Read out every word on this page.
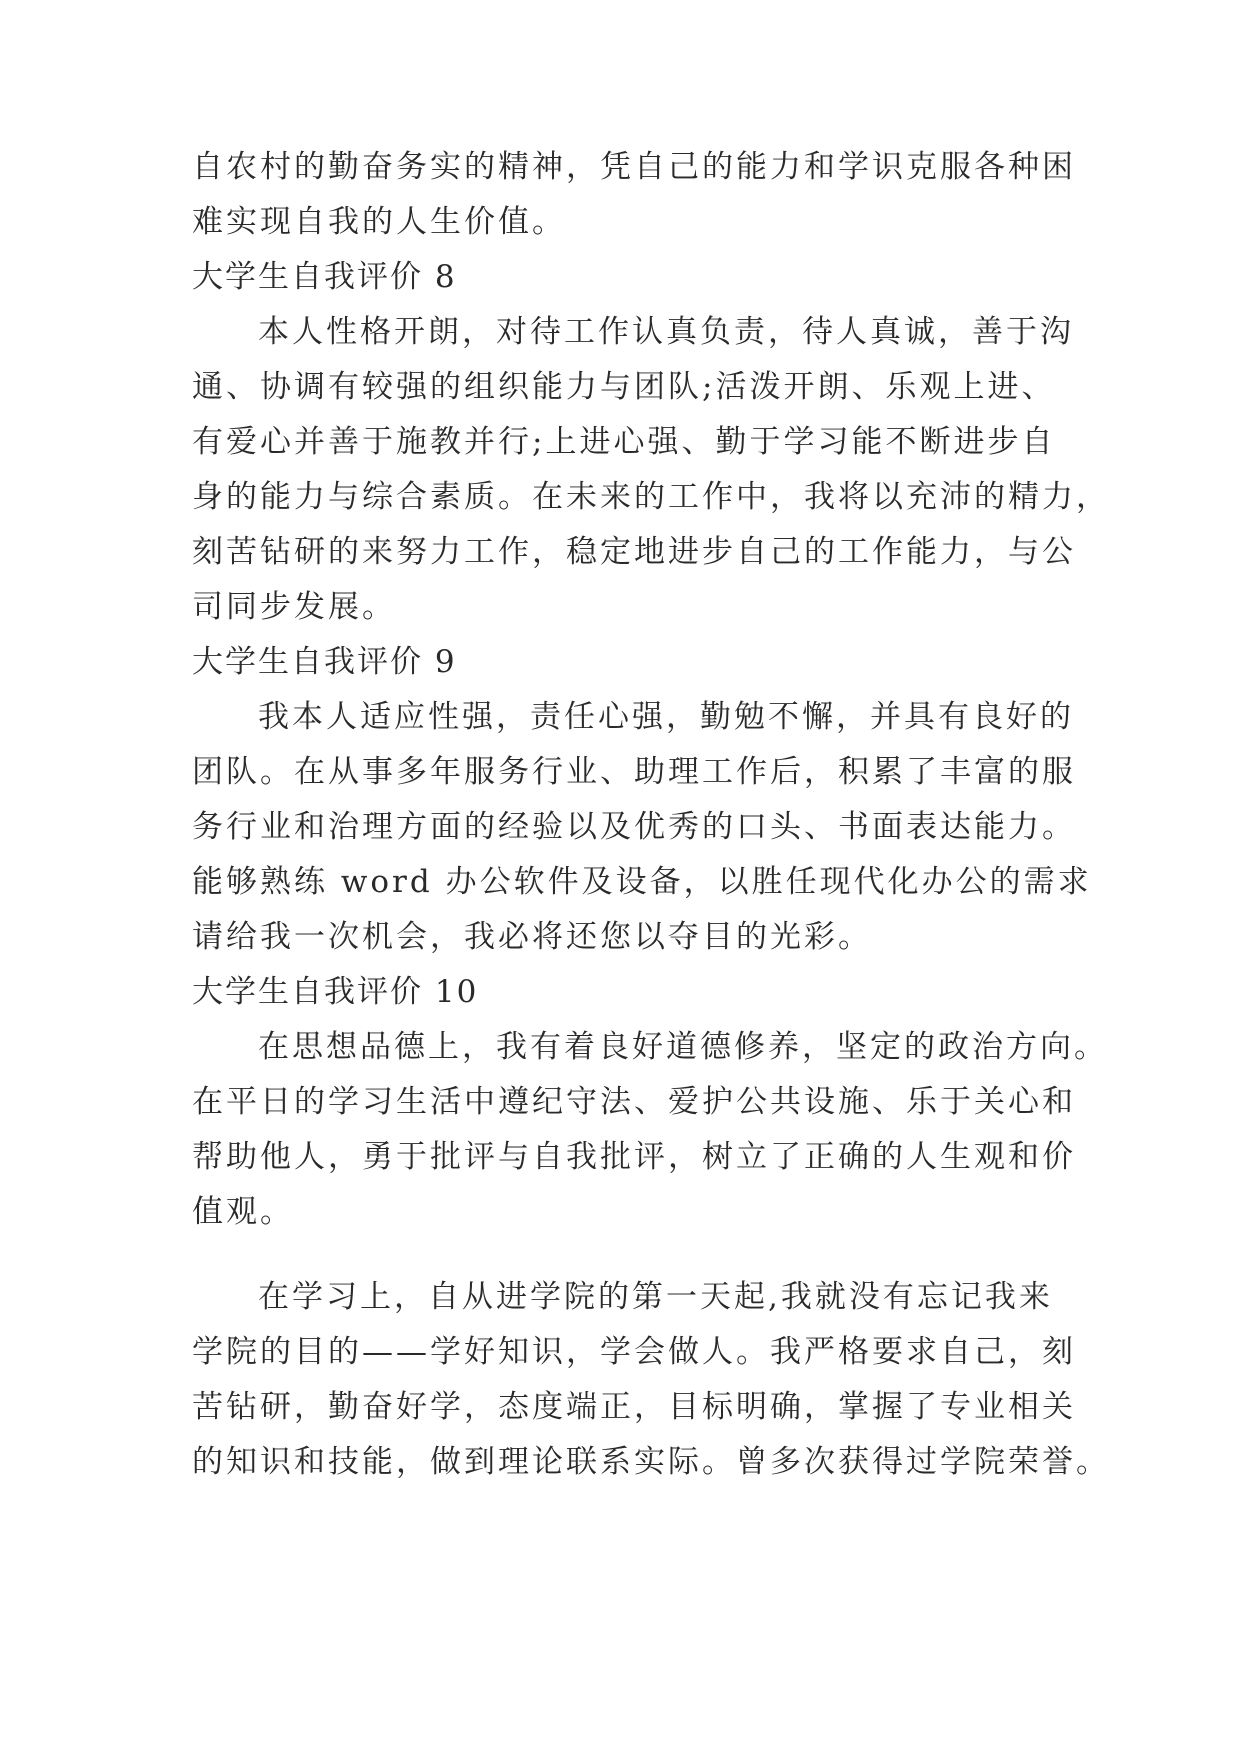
自农村的勤奋务实的精神，凭自己的能力和学识克服各种困
难实现自我的人生价值。
大学生自我评价 8
本人性格开朗，对待工作认真负责，待人真诚，善于沟
通、协调有较强的组织能力与团队;活泼开朗、乐观上进、
有爱心并善于施教并行;上进心强、勤于学习能不断进步自
身的能力与综合素质。在未来的工作中，我将以充沛的精力，
刻苦钻研的来努力工作，稳定地进步自己的工作能力，与公
司同步发展。
大学生自我评价 9
我本人适应性强，责任心强，勤勉不懈，并具有良好的
团队。在从事多年服务行业、助理工作后，积累了丰富的服
务行业和治理方面的经验以及优秀的口头、书面表达能力。
能够熟练 word 办公软件及设备，以胜任现代化办公的需求
请给我一次机会，我必将还您以夺目的光彩。
大学生自我评价 10
在思想品德上，我有着良好道德修养，坚定的政治方向。
在平日的学习生活中遵纪守法、爱护公共设施、乐于关心和
帮助他人，勇于批评与自我批评，树立了正确的人生观和价
值观。
在学习上，自从进学院的第一天起,我就没有忘记我来
学院的目的——学好知识，学会做人。我严格要求自己，刻
苦钻研，勤奋好学，态度端正，目标明确，掌握了专业相关
的知识和技能，做到理论联系实际。曾多次获得过学院荣誉。
